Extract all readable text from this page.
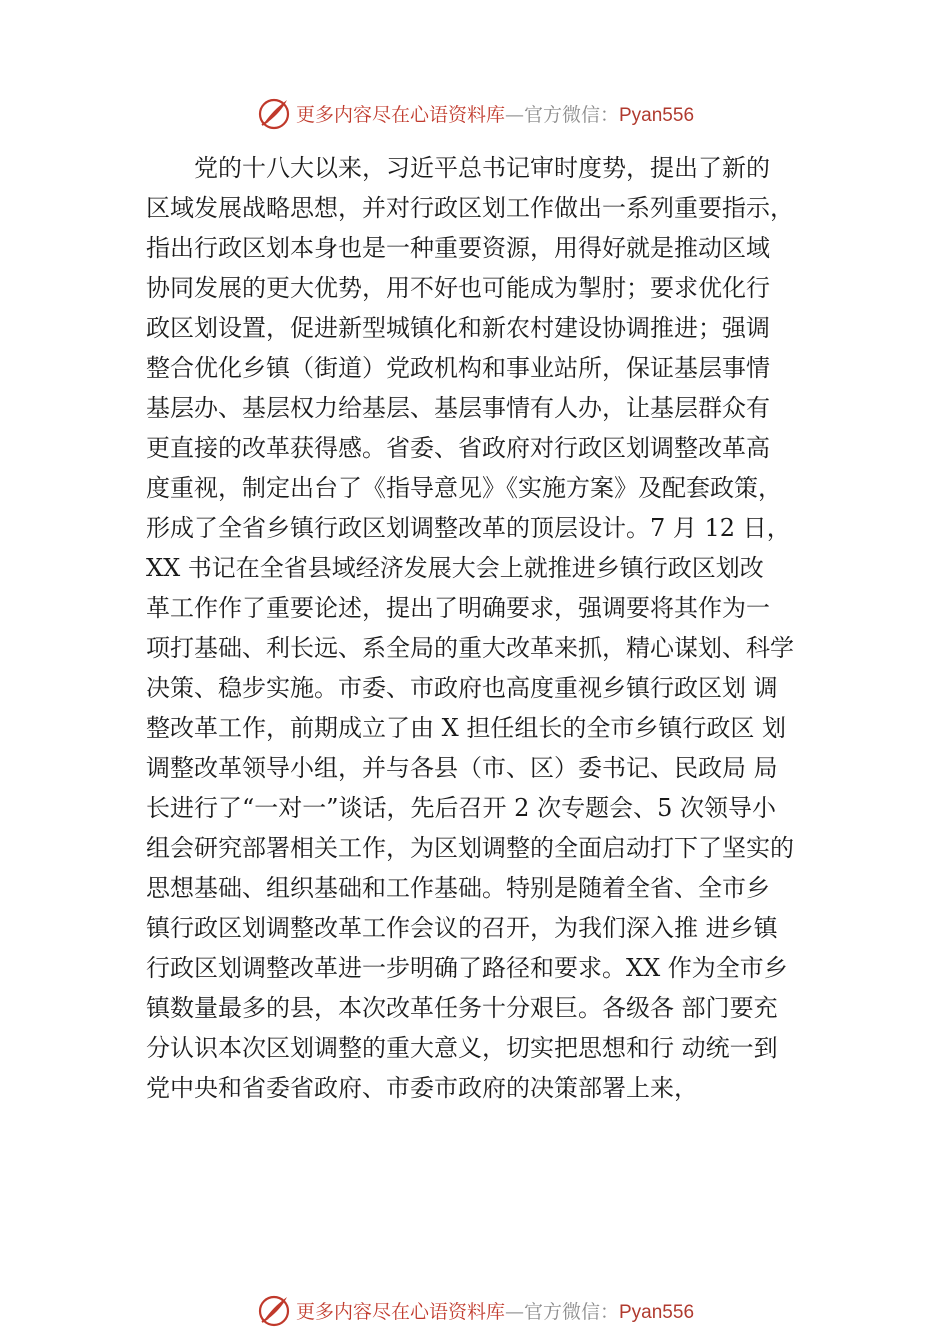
更多内容尽在心语资料库—官方微信：Pyan556
党的十八大以来，习近平总书记审时度势，提出了新的
区域发展战略思想，并对行政区划工作做出一系列重要指示，
指出行政区划本身也是一种重要资源，用得好就是推动区域
协同发展的更大优势，用不好也可能成为掣肘；要求优化行
政区划设置，促进新型城镇化和新农村建设协调推进；强调
整合优化乡镇（街道）党政机构和事业站所，保证基层事情
基层办、基层权力给基层、基层事情有人办，让基层群众有
更直接的改革获得感。省委、省政府对行政区划调整改革高
度重视，制定出台了《指导意见》《实施方案》及配套政策，
形成了全省乡镇行政区划调整改革的顶层设计。7 月 12 日，
XX 书记在全省县域经济发展大会上就推进乡镇行政区划改
革工作作了重要论述，提出了明确要求，强调要将其作为一
项打基础、利长远、系全局的重大改革来抓，精心谋划、科学
决策、稳步实施。市委、市政府也高度重视乡镇行政区划 调
整改革工作，前期成立了由 X 担任组长的全市乡镇行政区 划
调整改革领导小组，并与各县（市、区）委书记、民政局 局
长进行了“一对一”谈话，先后召开 2 次专题会、5 次领导小
组会研究部署相关工作，为区划调整的全面启动打下了坚实的
思想基础、组织基础和工作基础。特别是随着全省、全市乡
镇行政区划调整改革工作会议的召开，为我们深入推 进乡镇
行政区划调整改革进一步明确了路径和要求。XX 作为全市乡
镇数量最多的县，本次改革任务十分艰巨。各级各 部门要充
分认识本次区划调整的重大意义，切实把思想和行 动统一到
党中央和省委省政府、市委市政府的决策部署上来，
更多内容尽在心语资料库—官方微信：Pyan556
